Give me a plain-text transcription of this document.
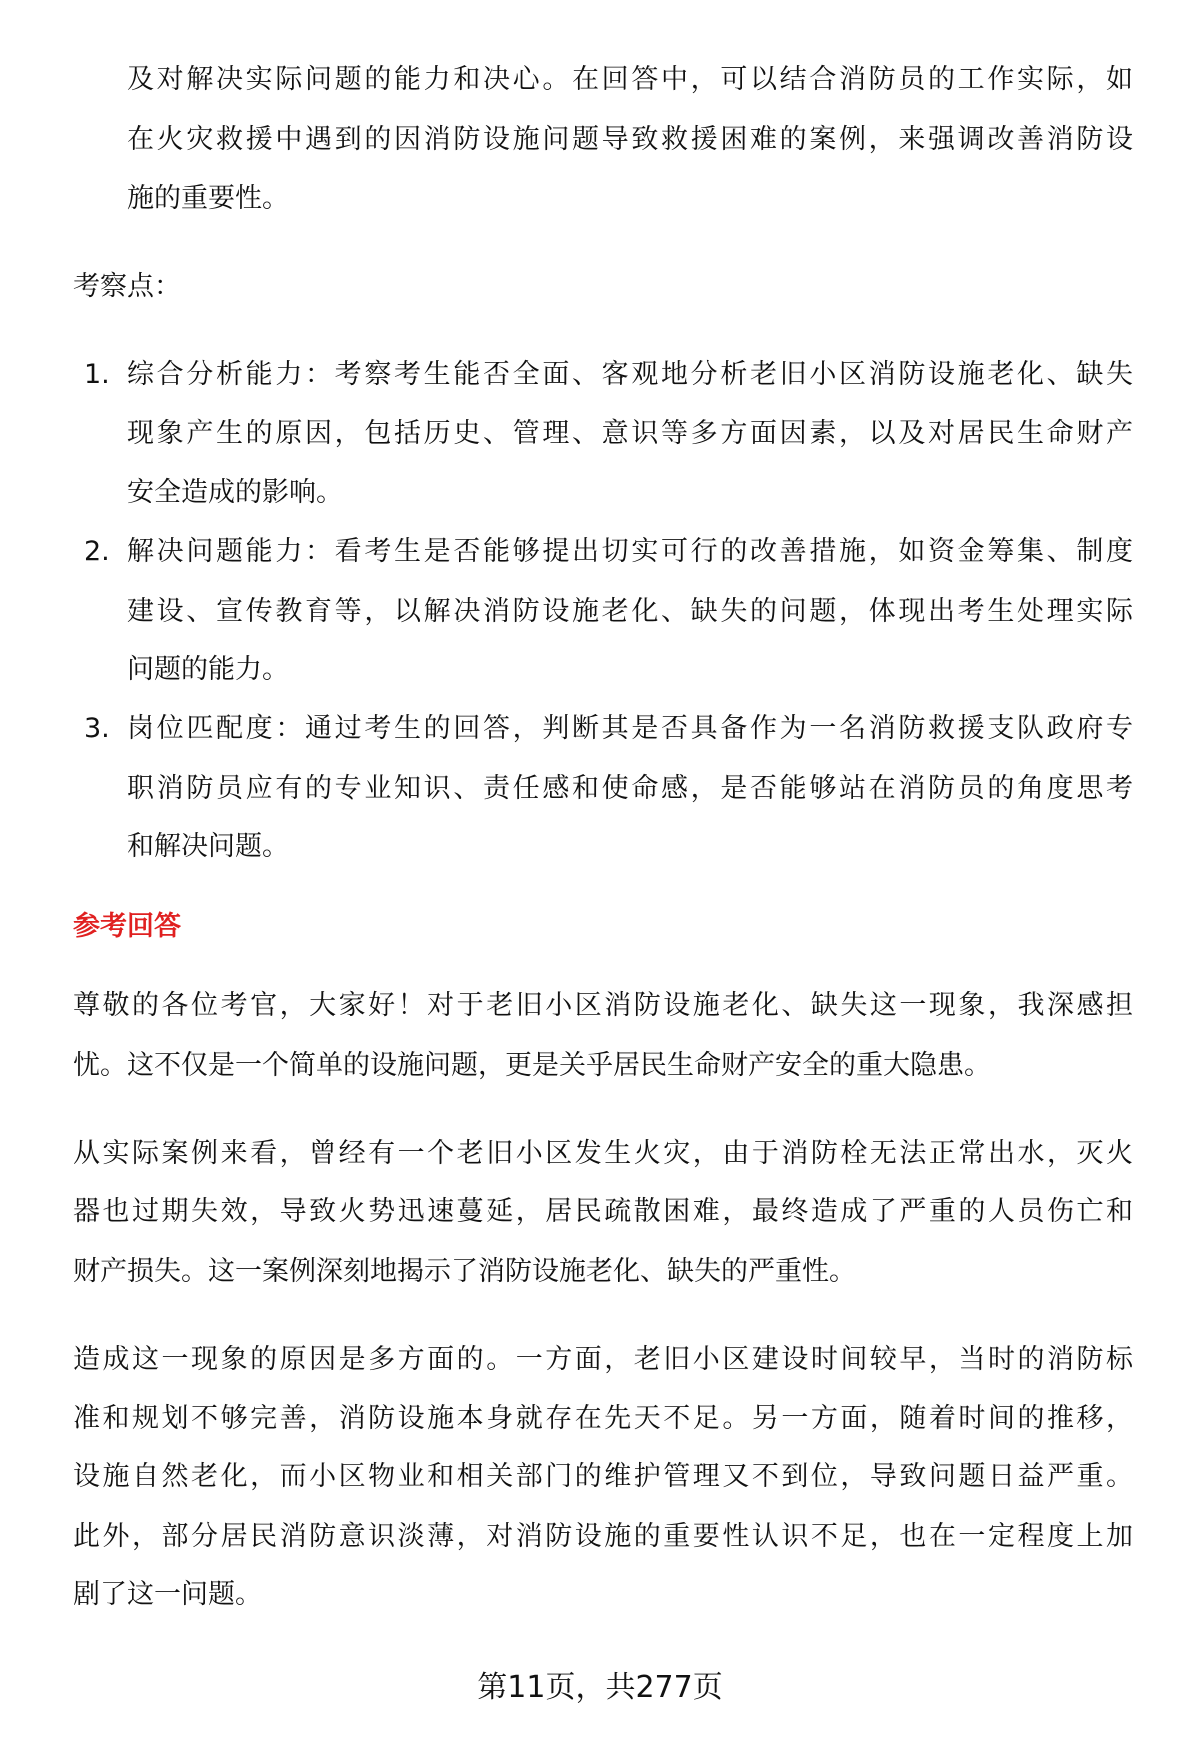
及对解决实际问题的能力和决心。在回答中，可以结合消防员的工作实际，如
在火灾救援中遇到的因消防设施问题导致救援困难的案例，来强调改善消防设
施的重要性。
考察点：
1. 综合分析能力：考察考生能否全面、客观地分析老旧小区消防设施老化、缺失
现象产生的原因，包括历史、管理、意识等多方面因素，以及对居民生命财产
安全造成的影响。
2. 解决问题能力：看考生是否能够提出切实可行的改善措施，如资金筹集、制度
建设、宣传教育等，以解决消防设施老化、缺失的问题，体现出考生处理实际
问题的能力。
3. 岗位匹配度：通过考生的回答，判断其是否具备作为一名消防救援支队政府专
职消防员应有的专业知识、责任感和使命感，是否能够站在消防员的角度思考
和解决问题。
参考回答
尊敬的各位考官，大家好！对于老旧小区消防设施老化、缺失这一现象，我深感担
忧。这不仅是一个简单的设施问题，更是关乎居民生命财产安全的重大隐患。
从实际案例来看，曾经有一个老旧小区发生火灾，由于消防栓无法正常出水，灭火
器也过期失效，导致火势迅速蔓延，居民疏散困难，最终造成了严重的人员伤亡和
财产损失。这一案例深刻地揭示了消防设施老化、缺失的严重性。
造成这一现象的原因是多方面的。一方面，老旧小区建设时间较早，当时的消防标
准和规划不够完善，消防设施本身就存在先天不足。另一方面，随着时间的推移，
设施自然老化，而小区物业和相关部门的维护管理又不到位，导致问题日益严重。
此外，部分居民消防意识淡薄，对消防设施的重要性认识不足，也在一定程度上加
剧了这一问题。
第11页，共277页
